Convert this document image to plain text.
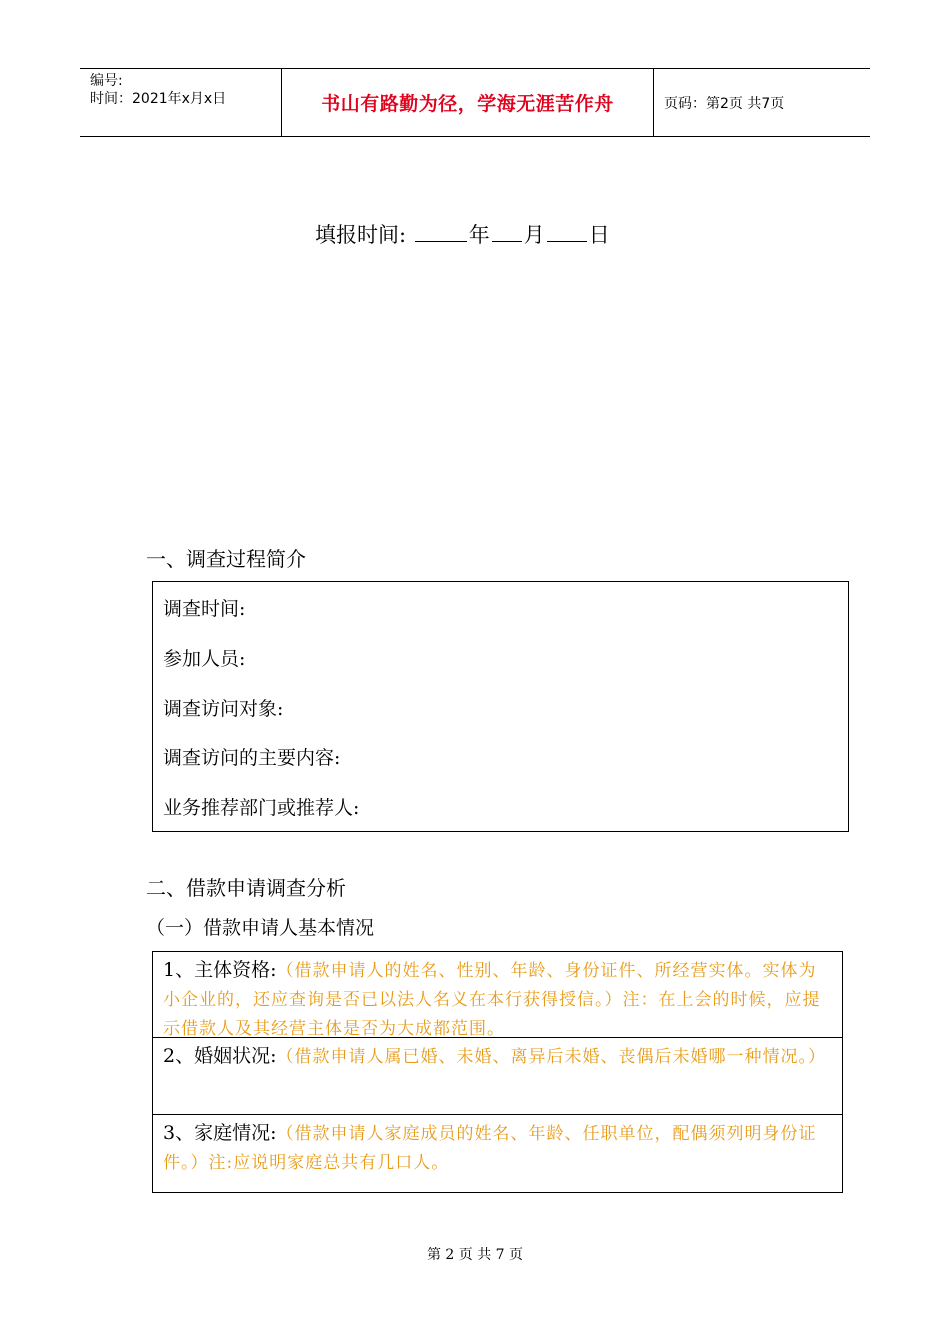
编号:
时间：2021年x月x日	书山有路勤为径，学海无涯苦作舟	页码：第2页 共7页
填报时间:	年 月 日
一、调查过程简介
调查时间:
参加人员:
调查访问对象:
调查访问的主要内容:
业务推荐部门或推荐人:
二、借款申请调查分析
（一）借款申请人基本情况
1、主体资格:（借款申请人的姓名、性别、年龄、身份证件、所经营实体。实体为小企业的，还应查询是否已以法人名义在本行获得授信。）注：在上会的时候，应提示借款人及其经营主体是否为大成都范围。
2、婚姻状况:（借款申请人属已婚、未婚、离异后未婚、丧偶后未婚哪一种情况。）
3、家庭情况:（借款申请人家庭成员的姓名、年龄、任职单位，配偶须列明身份证件。）注:应说明家庭总共有几口人。
第 2 页 共 7 页
